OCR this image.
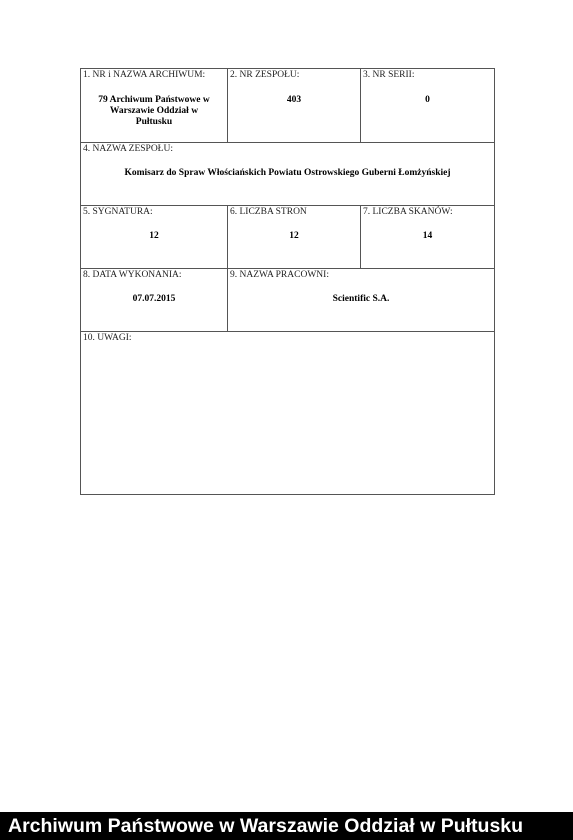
1. NR i NAZWA ARCHIWUM:
79 Archiwum Państwowe w Warszawie Oddział w Pułtusku
2. NR ZESPOŁU:
403
3. NR SERII:
0
4. NAZWA ZESPOŁU:
Komisarz do Spraw Włościańskich Powiatu Ostrowskiego Guberni Łomżyńskiej
5. SYGNATURA:
12
6. LICZBA STRON
12
7. LICZBA SKANÓW:
14
8. DATA WYKONANIA:
07.07.2015
9. NAZWA PRACOWNI:
Scientific S.A.
10. UWAGI:
Archiwum Państwowe w Warszawie Oddział w Pułtusku
